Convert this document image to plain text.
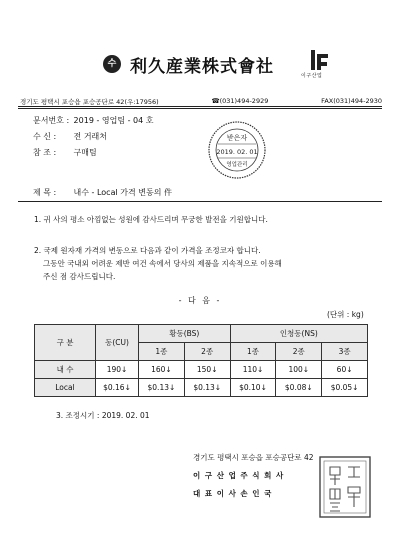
수 利久産業株式會社	이구산업
경기도 평택시 포승읍 포승공단로 42(우:17956)	☎(031)494-2929	FAX(031)494-2930
문서번호 : 2019 - 영업팀 - 04 호
수 신 : 전 거래처
참 조 : 구매팀
받은자
2019. 02. 01
영업관리
제 목 : 내수 - Local 가격 변동의 件
1. 귀 사의 평소 아낌없는 성원에 감사드리며 무궁한 발전을 기원합니다.
2. 국제 원자재 가격의 변동으로 다음과 같이 가격을 조정코자 합니다.
그동안 국내외 어려운 제반 여건 속에서 당사의 제품을 지속적으로 이용해
주신 점 감사드립니다.
- 다 음 -
(단위 : kg)
구 분	동(CU)	황동(BS)		인청동(NS)		
		1종	2종	1종	2종	3종
내 수	190↓	160↓	150↓	110↓	100↓	60↓
Local	$0.16↓	$0.13↓	$0.13↓	$0.10↓	$0.08↓	$0.05↓
3. 조정시기 : 2019. 02. 01
경기도 평택시 포승읍 포승공단로 42
이 구 산 업 주 식 회 사
대 표 이 사 손 인 국
